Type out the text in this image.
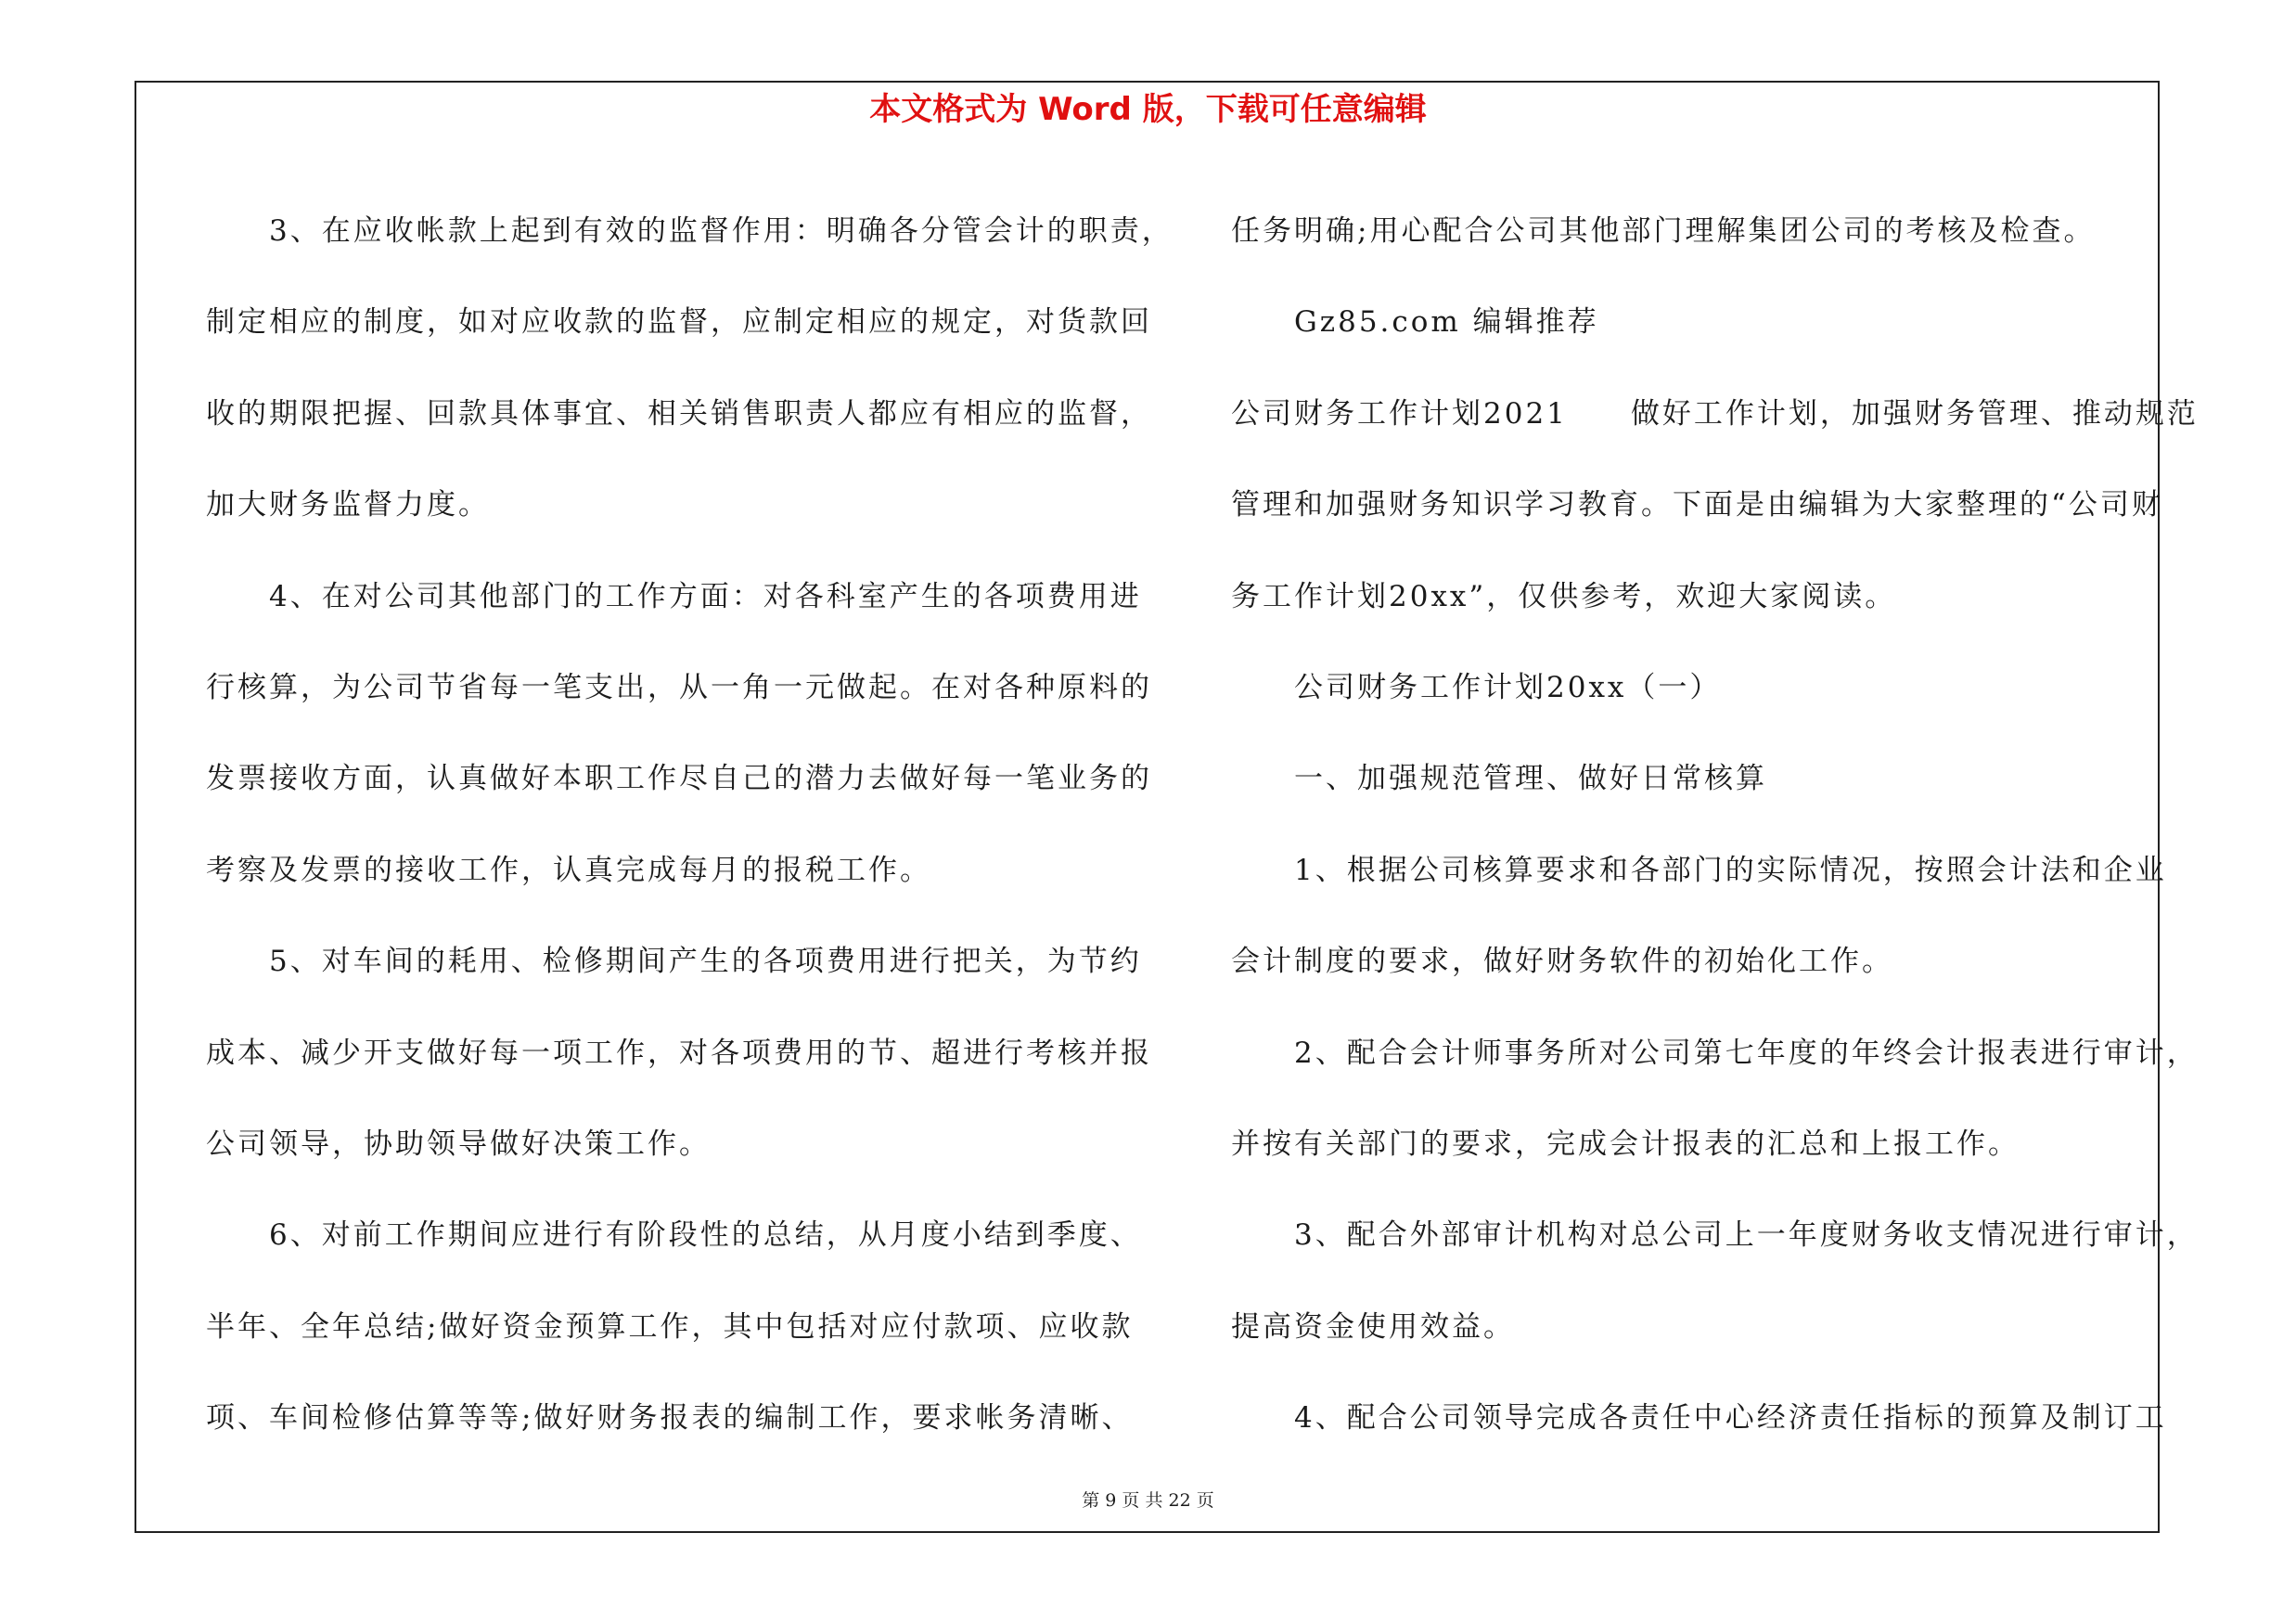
本文格式为 Word 版，下载可任意编辑

　　3、在应收帐款上起到有效的监督作用：明确各分管会计的职责，

制定相应的制度，如对应收款的监督，应制定相应的规定，对货款回

收的期限把握、回款具体事宜、相关销售职责人都应有相应的监督，

加大财务监督力度。

　　4、在对公司其他部门的工作方面：对各科室产生的各项费用进

行核算，为公司节省每一笔支出，从一角一元做起。在对各种原料的

发票接收方面，认真做好本职工作尽自己的潜力去做好每一笔业务的

考察及发票的接收工作，认真完成每月的报税工作。

　　5、对车间的耗用、检修期间产生的各项费用进行把关，为节约

成本、减少开支做好每一项工作，对各项费用的节、超进行考核并报

公司领导，协助领导做好决策工作。

　　6、对前工作期间应进行有阶段性的总结，从月度小结到季度、

半年、全年总结;做好资金预算工作，其中包括对应付款项、应收款

项、车间检修估算等等;做好财务报表的编制工作，要求帐务清晰、

任务明确;用心配合公司其他部门理解集团公司的考核及检查。

　　Gz85.com 编辑推荐

公司财务工作计划2021　　做好工作计划，加强财务管理、推动规范

管理和加强财务知识学习教育。下面是由编辑为大家整理的“公司财

务工作计划20xx”，仅供参考，欢迎大家阅读。

　　公司财务工作计划20xx（一）

　　一、加强规范管理、做好日常核算

　　1、根据公司核算要求和各部门的实际情况，按照会计法和企业

会计制度的要求，做好财务软件的初始化工作。

　　2、配合会计师事务所对公司第七年度的年终会计报表进行审计，

并按有关部门的要求，完成会计报表的汇总和上报工作。

　　3、配合外部审计机构对总公司上一年度财务收支情况进行审计，

提高资金使用效益。

　　4、配合公司领导完成各责任中心经济责任指标的预算及制订工

第 9 页 共 22 页
